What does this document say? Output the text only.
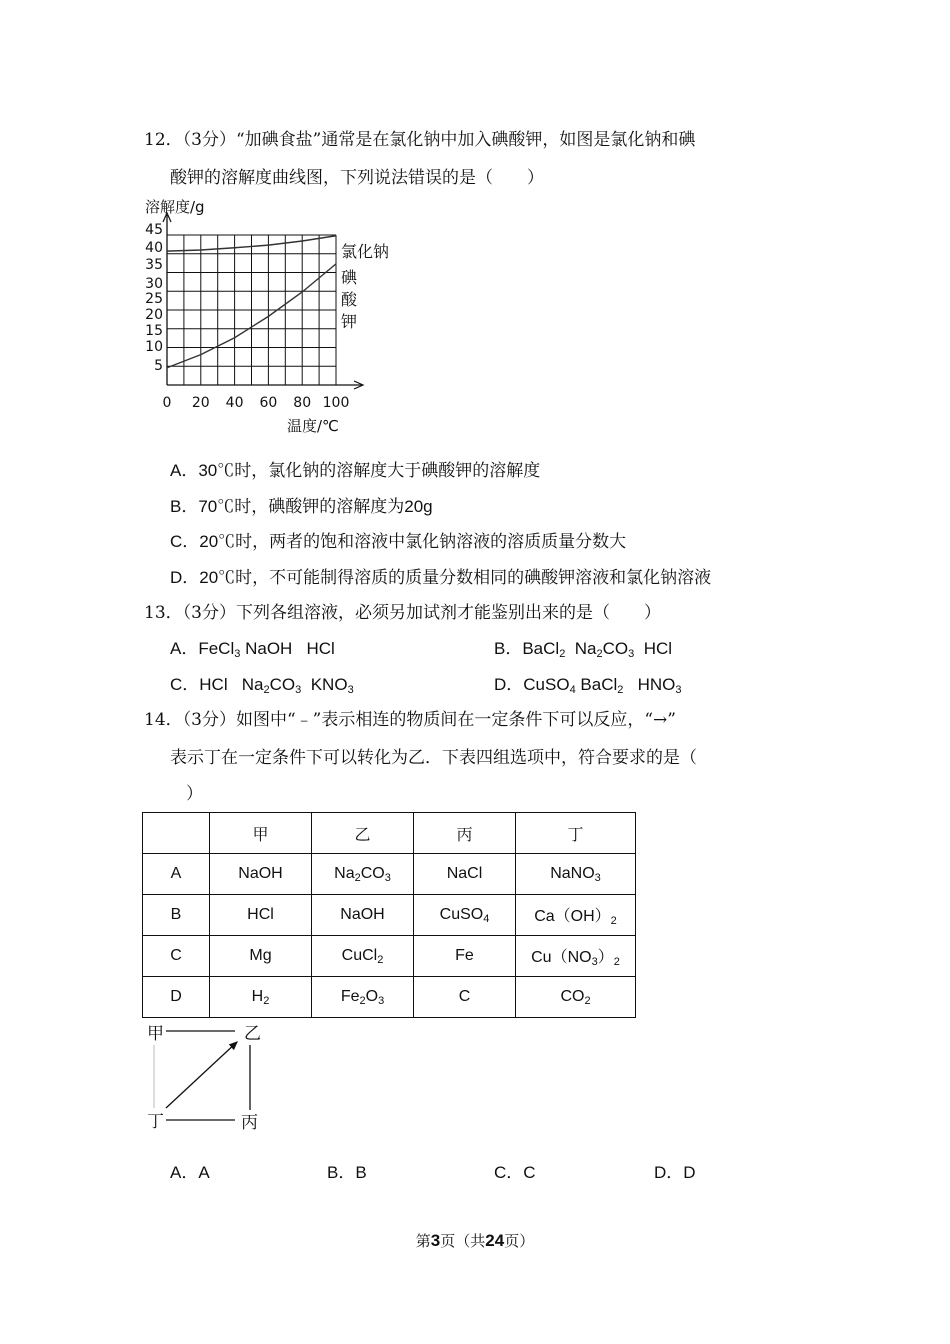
12．（3分）“加碘食盐”通常是在氯化钠中加入碘酸钾，如图是氯化钠和碘
酸钾的溶解度曲线图，下列说法错误的是（　　）
5
10
15
20
25
30
35
40
45
0 20 40 60 80 100
溶解度/g
温度/℃
氯化钠
碘
酸
钾
A．30℃时，氯化钠的溶解度大于碘酸钾的溶解度
B．70℃时，碘酸钾的溶解度为20g
C．20℃时，两者的饱和溶液中氯化钠溶液的溶质质量分数大
D．20℃时，不可能制得溶质的质量分数相同的碘酸钾溶液和氯化钠溶液
13．（3分）下列各组溶液，必须另加试剂才能鉴别出来的是（　　）
A．FeCl$_3$ NaOH   HCl	B．BaCl$_2$  $Na_2CO_3$  HCl
C．HCl   $Na_2CO_3$  $KNO_3$	D．CuSO$_4$ BaCl$_2$   $HNO_3$
14．（3分）如图中“﹣”表示相连的物质间在一定条件下可以反应，“→”
表示丁在一定条件下可以转化为乙．下表四组选项中，符合要求的是（
）
	甲	乙	丙	丁
A	NaOH	$Na_2CO_3$	NaCl	NaNO$_3$
B	HCl	NaOH	CuSO$_4$	$Ca(OH)_2$
C	Mg	CuCl$_2$	Fe	$Cu(NO_3)_2$
D	$H_2$	$Fe_2O_3$	C	$CO_2$
甲	乙
丁	丙
A．A	B．B	C．C	D．D
第3页（共24页）
